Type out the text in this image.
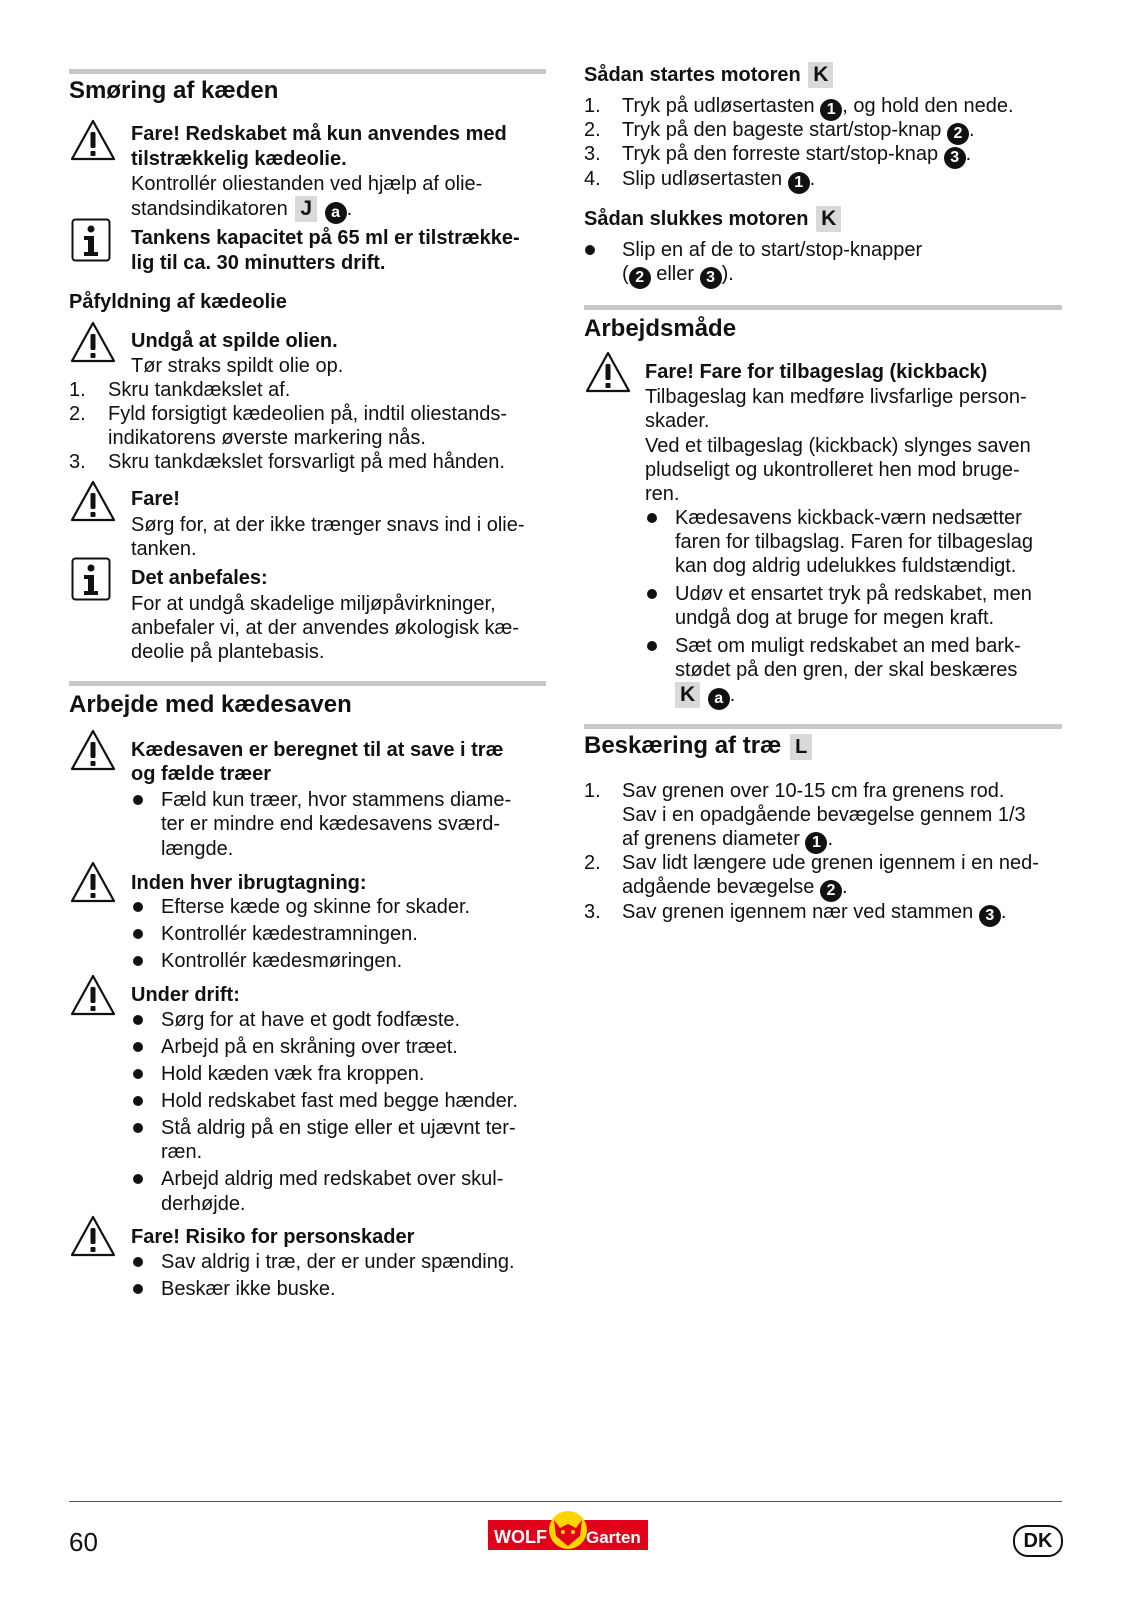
Smøring af kæden
Fare! Redskabet må kun anvendes med
tilstrækkelig kædeolie.
Kontrollér oliestanden ved hjælp af olie-
standsindikatoren J a .
Tankens kapacitet på 65 ml er tilstrække-
lig til ca. 30 minutters drift.
Påfyldning af kædeolie
Undgå at spilde olien.
Tør straks spildt olie op.
1. Skru tankdækslet af.
2. Fyld forsigtigt kædeolien på, indtil oliestands-
indikatorens øverste markering nås.
3. Skru tankdækslet forsvarligt på med hånden.
Fare!
Sørg for, at der ikke trænger snavs ind i olie-
tanken.
Det anbefales:
For at undgå skadelige miljøpåvirkninger,
anbefaler vi, at der anvendes økologisk kæ-
deolie på plantebasis.
Arbejde med kædesaven
Kædesaven er beregnet til at save i træ
og fælde træer
Fæld kun træer, hvor stammens diame-
ter er mindre end kædesavens sværd-
længde.
Inden hver ibrugtagning:
Efterse kæde og skinne for skader.
Kontrollér kædestramningen.
Kontrollér kædesmøringen.
Under drift:
Sørg for at have et godt fodfæste.
Arbejd på en skråning over træet.
Hold kæden væk fra kroppen.
Hold redskabet fast med begge hænder.
Stå aldrig på en stige eller et ujævnt ter-
ræn.
Arbejd aldrig med redskabet over skul-
derhøjde.
Fare! Risiko for personskader
Sav aldrig i træ, der er under spænding.
Beskær ikke buske.
Sådan startes motoren K
1. Tryk på udløsertasten 1 , og hold den nede.
2. Tryk på den bageste start/stop-knap 2 .
3. Tryk på den forreste start/stop-knap 3 .
4. Slip udløsertasten 1 .
Sådan slukkes motoren K
Slip en af de to start/stop-knapper
( 2 eller 3 ).
Arbejdsmåde
Fare! Fare for tilbageslag (kickback)
Tilbageslag kan medføre livsfarlige person-
skader.
Ved et tilbageslag (kickback) slynges saven
pludseligt og ukontrolleret hen mod bruge-
ren.
Kædesavens kickback-værn nedsætter
faren for tilbagslag. Faren for tilbageslag
kan dog aldrig udelukkes fuldstændigt.
Udøv et ensartet tryk på redskabet, men
undgå dog at bruge for megen kraft.
Sæt om muligt redskabet an med bark-
stødet på den gren, der skal beskæres
K a .
Beskæring af træ L
1. Sav grenen over 10-15 cm fra grenens rod.
Sav i en opadgående bevægelse gennem 1/3
af grenens diameter 1 .
2. Sav lidt længere ude grenen igennem i en ned-
adgående bevægelse 2 .
3. Sav grenen igennem nær ved stammen 3 .
60	WOLF Garten	DK
